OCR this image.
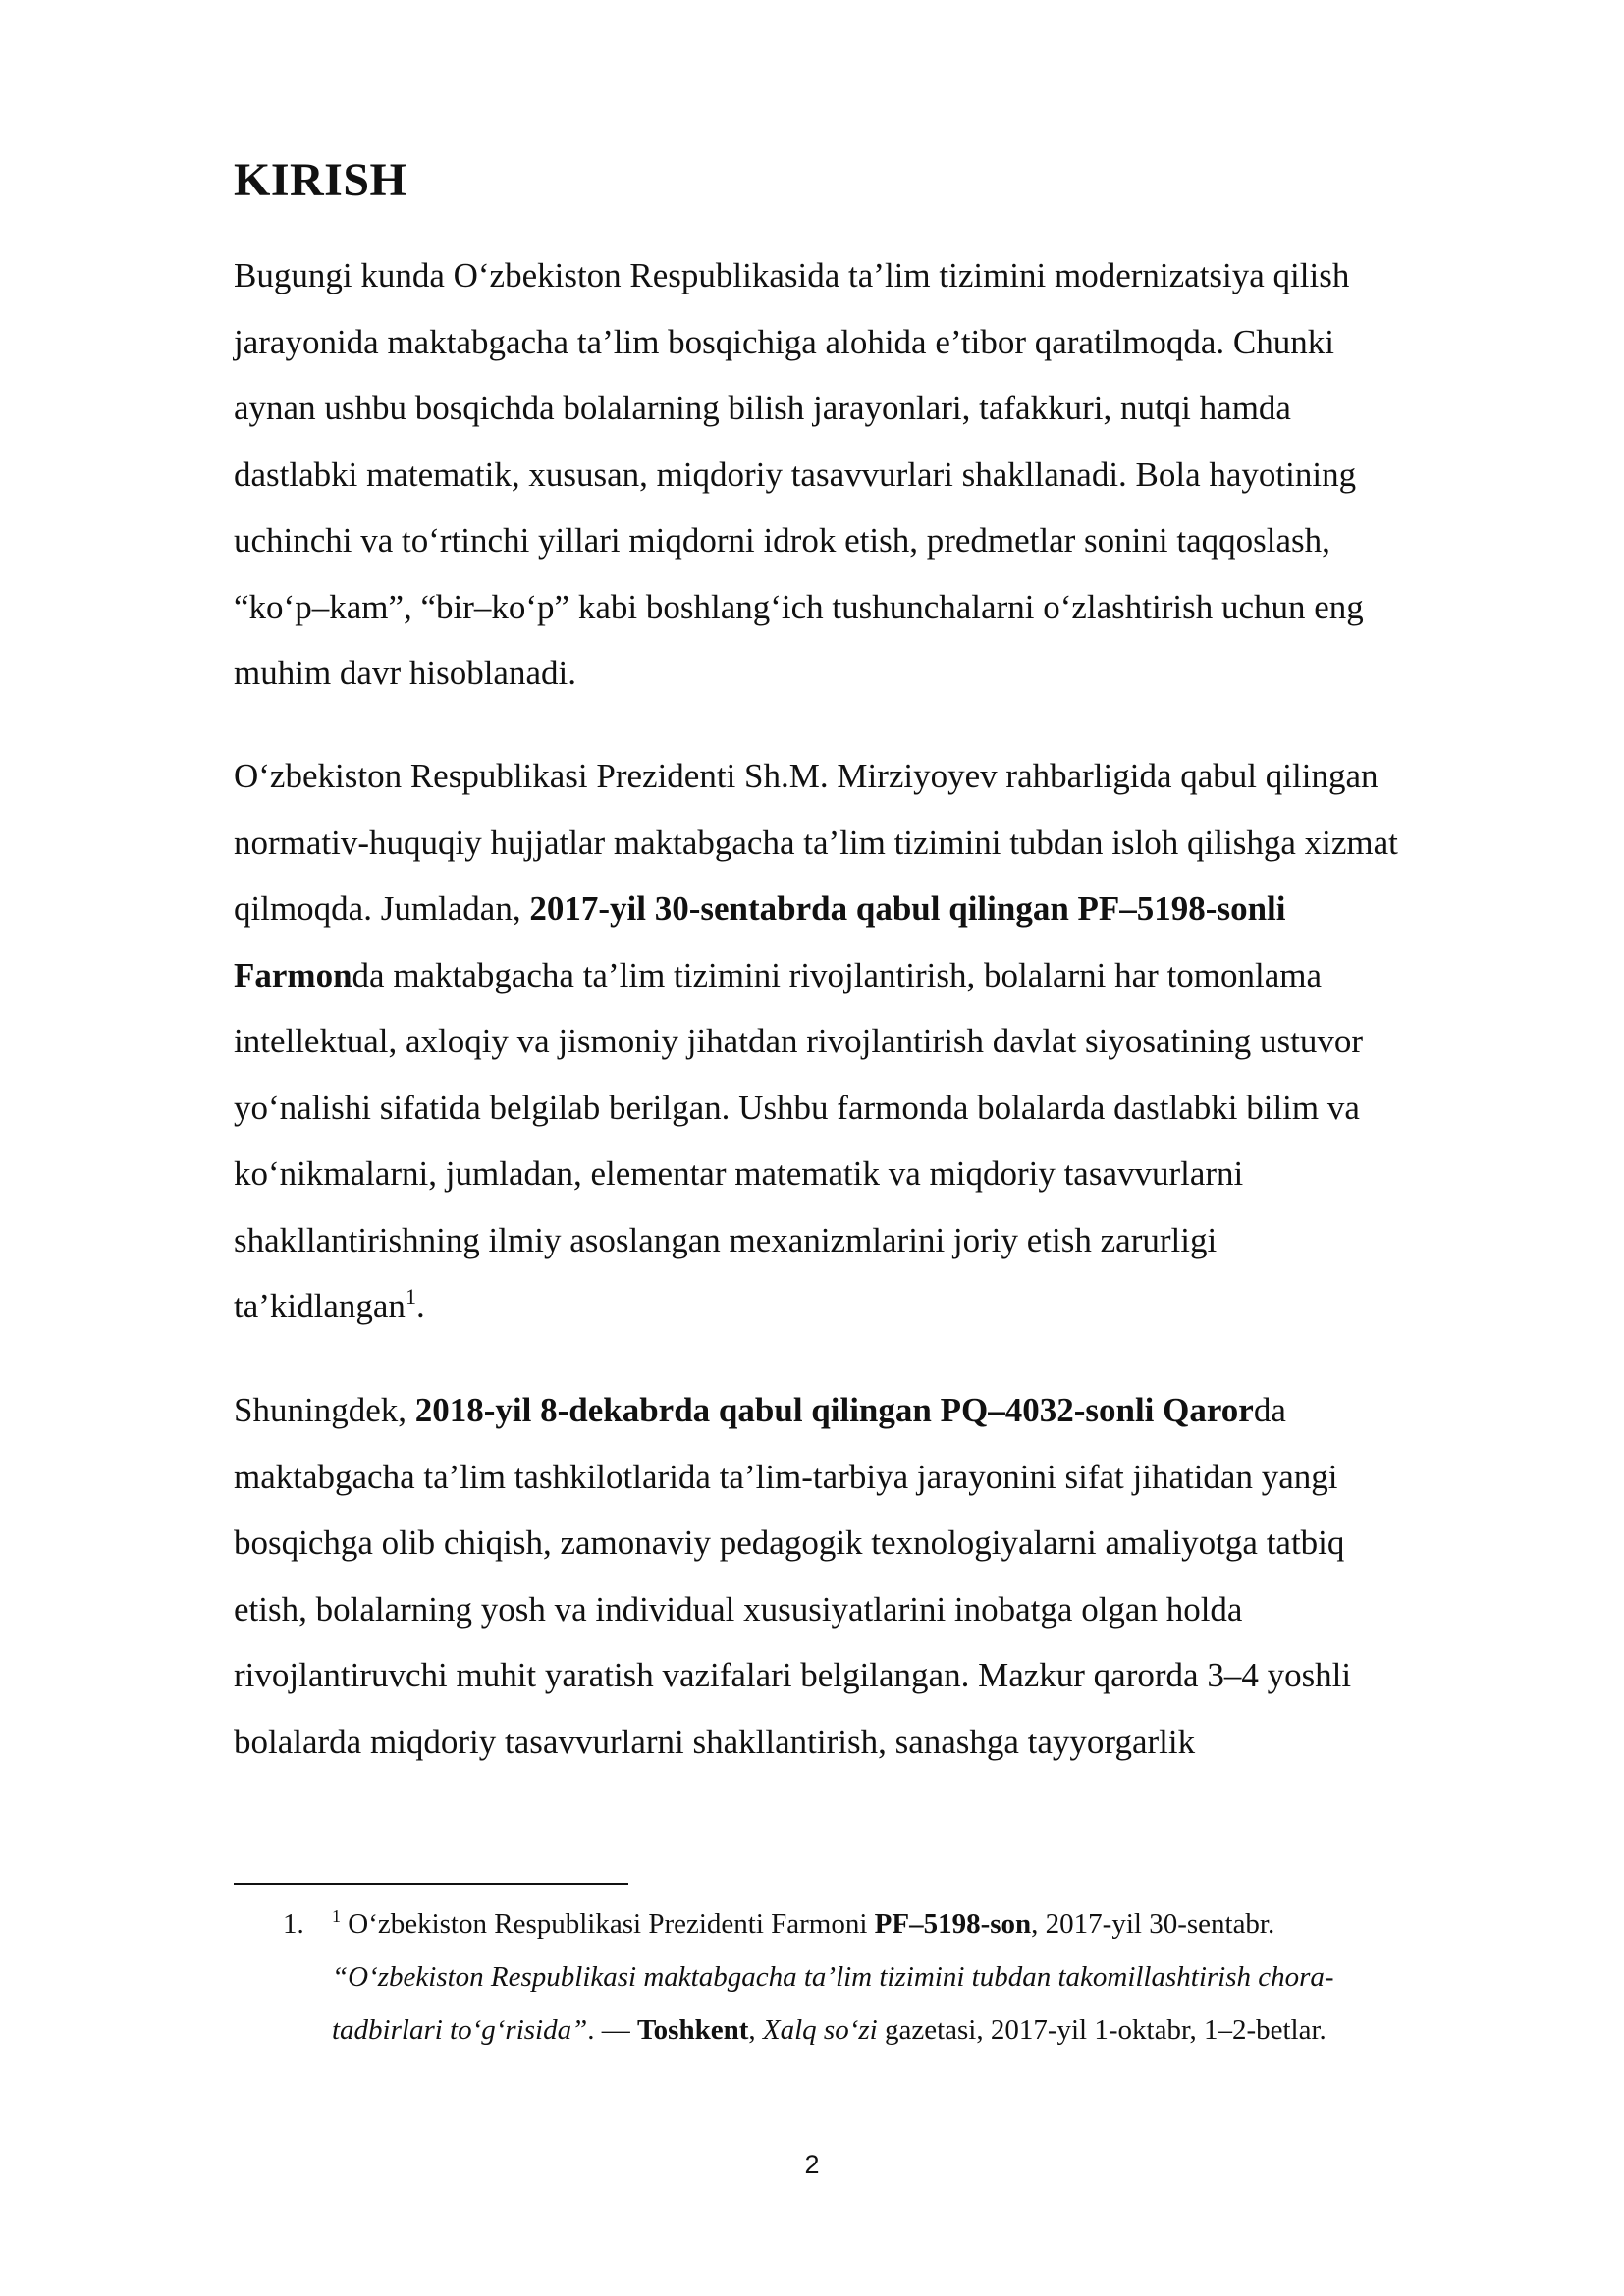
KIRISH

Bugungi kunda O‘zbekiston Respublikasida ta’lim tizimini modernizatsiya qilish
jarayonida maktabgacha ta’lim bosqichiga alohida e’tibor qaratilmoqda. Chunki
aynan ushbu bosqichda bolalarning bilish jarayonlari, tafakkuri, nutqi hamda
dastlabki matematik, xususan, miqdoriy tasavvurlari shakllanadi. Bola hayotining
uchinchi va to‘rtinchi yillari miqdorni idrok etish, predmetlar sonini taqqoslash,
“ko‘p–kam”, “bir–ko‘p” kabi boshlang‘ich tushunchalarni o‘zlashtirish uchun eng
muhim davr hisoblanadi.

O‘zbekiston Respublikasi Prezidenti Sh.M. Mirziyoyev rahbarligida qabul qilingan
normativ-huquqiy hujjatlar maktabgacha ta’lim tizimini tubdan isloh qilishga xizmat
qilmoqda. Jumladan, 2017-yil 30-sentabrda qabul qilingan PF–5198-sonli
Farmonda maktabgacha ta’lim tizimini rivojlantirish, bolalarni har tomonlama
intellektual, axloqiy va jismoniy jihatdan rivojlantirish davlat siyosatining ustuvor
yo‘nalishi sifatida belgilab berilgan. Ushbu farmonda bolalarda dastlabki bilim va
ko‘nikmalarni, jumladan, elementar matematik va miqdoriy tasavvurlarni
shakllantirishning ilmiy asoslangan mexanizmlarini joriy etish zarurligi
ta’kidlangan$^1$.

Shuningdek, 2018-yil 8-dekabrda qabul qilingan PQ–4032-sonli Qarorda
maktabgacha ta’lim tashkilotlarida ta’lim-tarbiya jarayonini sifat jihatidan yangi
bosqichga olib chiqish, zamonaviy pedagogik texnologiyalarni amaliyotga tatbiq
etish, bolalarning yosh va individual xususiyatlarini inobatga olgan holda
rivojlantiruvchi muhit yaratish vazifalari belgilangan. Mazkur qarorda 3–4 yoshli
bolalarda miqdoriy tasavvurlarni shakllantirish, sanashga tayyorgarlik

1. $^1$ O‘zbekiston Respublikasi Prezidenti Farmoni PF–5198-son, 2017-yil 30-sentabr.
“O‘zbekiston Respublikasi maktabgacha ta’lim tizimini tubdan takomillashtirish chora-
tadbirlari to‘g‘risida”. — Toshkent, Xalq so‘zi gazetasi, 2017-yil 1-oktabr, 1–2-betlar.
2
